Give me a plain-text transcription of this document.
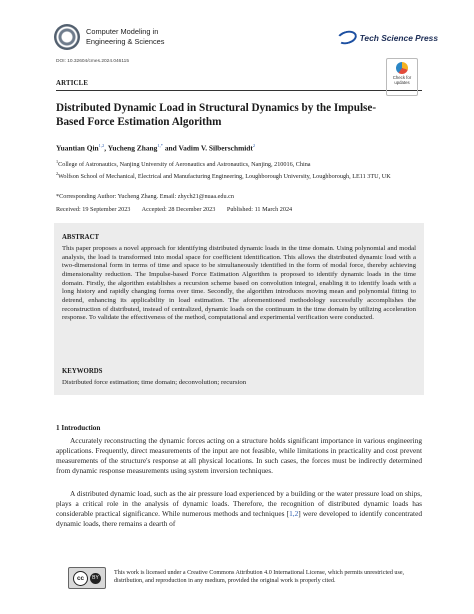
Computer Modeling in
Engineering & Sciences	Tech Science Press
DOI: 10.32604/cmes.2024.046115
ARTICLE
Check for
updates
Distributed Dynamic Load in Structural Dynamics by the Impulse-Based Force Estimation Algorithm
Yuantian Qin$^{1,2}$, Yucheng Zhang$^{1,*}$ and Vadim V. Silberschmidt$^2$
$^1$College of Astronautics, Nanjing University of Aeronautics and Astronautics, Nanjing, 210016, China
$^2$Wolfson School of Mechanical, Electrical and Manufacturing Engineering, Loughborough University, Loughborough, LE11 3TU, UK
*Corresponding Author: Yucheng Zhang. Email: zhych21@nuaa.edu.cn
Received: 19 September 2023 Accepted: 28 December 2023 Published: 11 March 2024
ABSTRACT
This paper proposes a novel approach for identifying distributed dynamic loads in the time domain. Using polynomial and modal analysis, the load is transformed into modal space for coefficient identification. This allows the distributed dynamic load with a two-dimensional form in terms of time and space to be simultaneously identified in the form of modal force, thereby achieving dimensionality reduction. The Impulse-based Force Estimation Algorithm is proposed to identify dynamic loads in the time domain. Firstly, the algorithm establishes a recursion scheme based on convolution integral, enabling it to identify loads with a long history and rapidly changing forms over time. Secondly, the algorithm introduces moving mean and polynomial fitting to detrend, enhancing its applicability in load estimation. The aforementioned methodology successfully accomplishes the reconstruction of distributed, instead of centralized, dynamic loads on the continuum in the time domain by utilizing acceleration response. To validate the effectiveness of the method, computational and experimental verification were conducted.
KEYWORDS
Distributed force estimation; time domain; deconvolution; recursion
1 Introduction
Accurately reconstructing the dynamic forces acting on a structure holds significant importance in various engineering applications. Frequently, direct measurements of the input are not feasible, while limitations in practicality and cost prevent measurements of the structure's response at all physical locations. In such cases, the forces must be indirectly determined from dynamic response measurements using system inversion techniques.
A distributed dynamic load, such as the air pressure load experienced by a building or the water pressure load on ships, plays a critical role in the analysis of dynamic loads. Therefore, the recognition of distributed dynamic loads has considerable practical significance. While numerous methods and techniques [1,2] were developed to identify concentrated dynamic loads, there remains a dearth of
cc	BY
This work is licensed under a Creative Commons Attribution 4.0 International License, which permits unrestricted use, distribution, and reproduction in any medium, provided the original work is properly cited.
